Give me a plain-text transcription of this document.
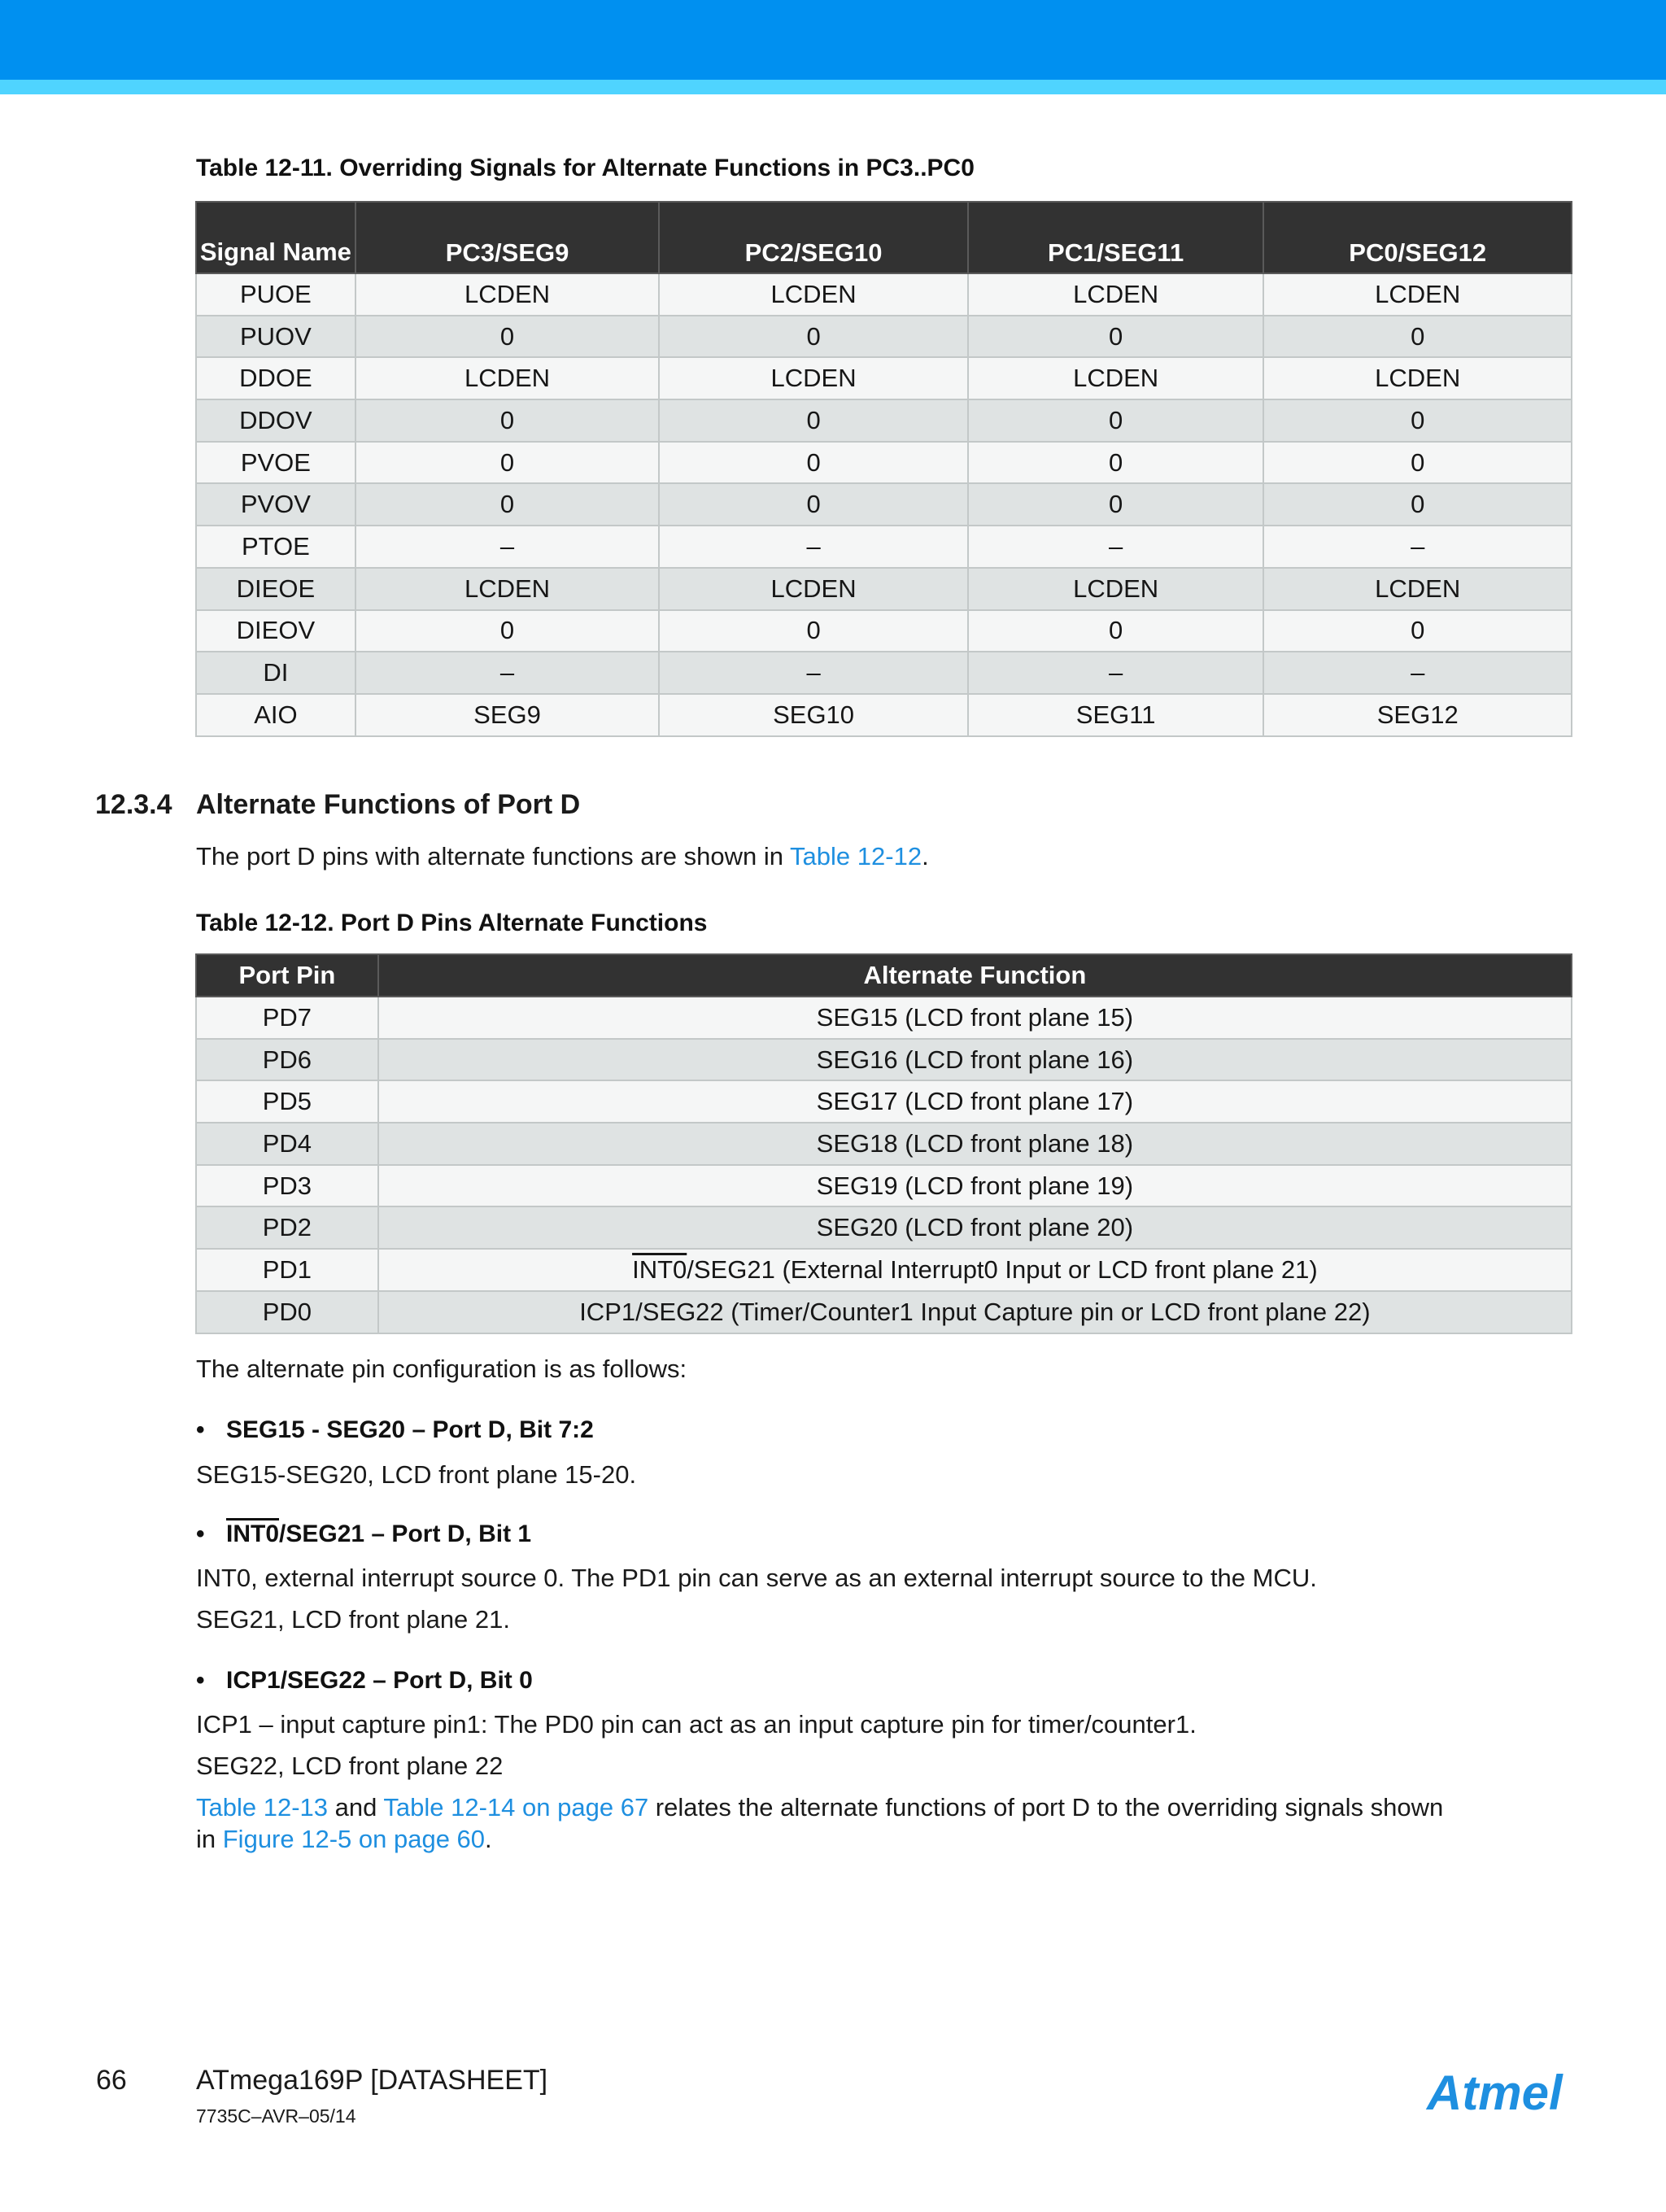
Table 12-11. Overriding Signals for Alternate Functions in PC3..PC0
Signal Name	PC3/SEG9	PC2/SEG10	PC1/SEG11	PC0/SEG12
PUOE	LCDEN	LCDEN	LCDEN	LCDEN
PUOV	0	0	0	0
DDOE	LCDEN	LCDEN	LCDEN	LCDEN
DDOV	0	0	0	0
PVOE	0	0	0	0
PVOV	0	0	0	0
PTOE	–	–	–	–
DIEOE	LCDEN	LCDEN	LCDEN	LCDEN
DIEOV	0	0	0	0
DI	–	–	–	–
AIO	SEG9	SEG10	SEG11	SEG12
12.3.4 Alternate Functions of Port D
The port D pins with alternate functions are shown in Table 12-12.
Table 12-12. Port D Pins Alternate Functions
Port Pin	Alternate Function
PD7	SEG15 (LCD front plane 15)
PD6	SEG16 (LCD front plane 16)
PD5	SEG17 (LCD front plane 17)
PD4	SEG18 (LCD front plane 18)
PD3	SEG19 (LCD front plane 19)
PD2	SEG20 (LCD front plane 20)
PD1	INT0/SEG21 (External Interrupt0 Input or LCD front plane 21)
PD0	ICP1/SEG22 (Timer/Counter1 Input Capture pin or LCD front plane 22)
The alternate pin configuration is as follows:
• SEG15 - SEG20 – Port D, Bit 7:2
SEG15-SEG20, LCD front plane 15-20.
• INT0/SEG21 – Port D, Bit 1
INT0, external interrupt source 0. The PD1 pin can serve as an external interrupt source to the MCU.
SEG21, LCD front plane 21.
• ICP1/SEG22 – Port D, Bit 0
ICP1 – input capture pin1: The PD0 pin can act as an input capture pin for timer/counter1.
SEG22, LCD front plane 22
Table 12-13 and Table 12-14 on page 67 relates the alternate functions of port D to the overriding signals shown
in Figure 12-5 on page 60.
66	ATmega169P [DATASHEET]
7735C–AVR–05/14	Atmel
